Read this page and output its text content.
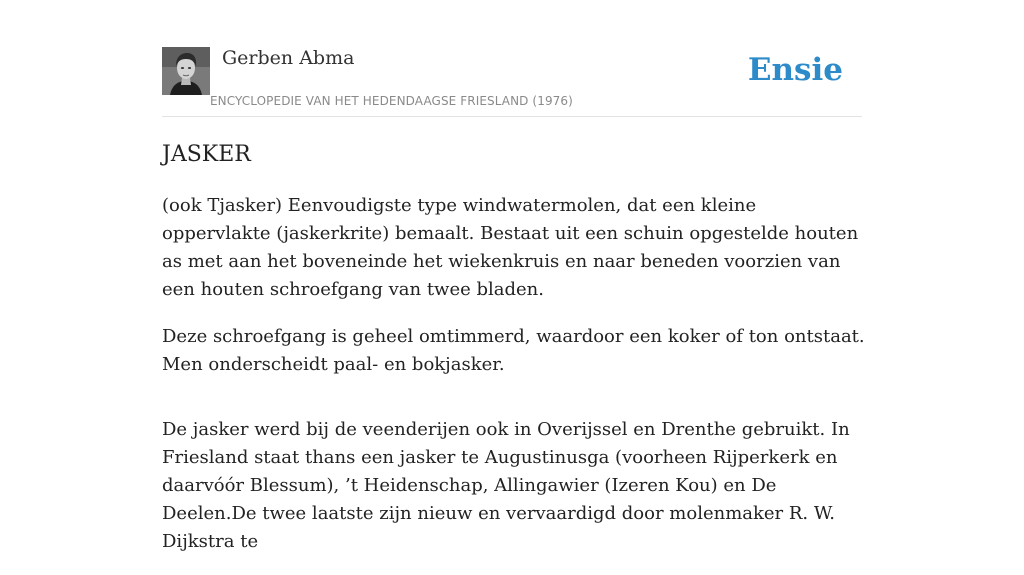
Gerben Abma
ENCYCLOPEDIE VAN HET HEDENDAAGSE FRIESLAND (1976)
Ensie
JASKER

(ook Tjasker) Eenvoudigste type windwatermolen, dat een kleine oppervlakte (jaskerkrite) bemaalt. Bestaat uit een schuin opgestelde houten as met aan het boveneinde het wiekenkruis en naar beneden voorzien van een houten schroefgang van twee bladen.

Deze schroefgang is geheel omtimmerd, waardoor een koker of ton ontstaat. Men onderscheidt paal- en bokjasker.

De jasker werd bij de veenderijen ook in Overijssel en Drenthe gebruikt. In Friesland staat thans een jasker te Augustinusga (voorheen Rijperkerk en daarvóór Blessum), ’t Heidenschap, Allingawier (Izeren Kou) en De Deelen.De twee laatste zijn nieuw en vervaardigd door molenmaker R. W. Dijkstra te
